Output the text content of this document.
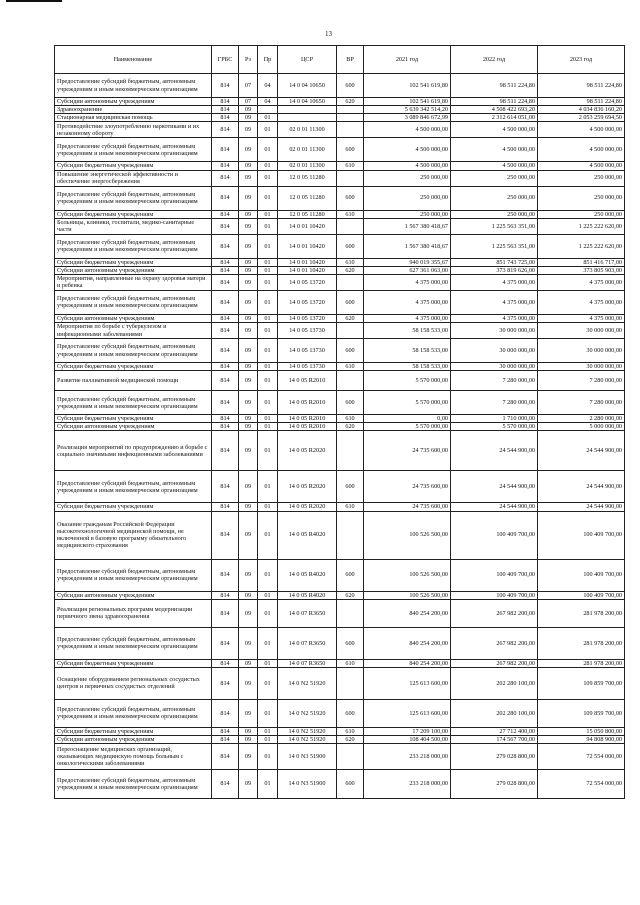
13
Наименование	ГРБС	Рз	Пр	ЦСР	ВР	2021 год	2022 год	2023 год
Предоставление субсидий бюджетным, автономным учреждениям и иным некоммерческим организациям	814	07	04	14 0 04 10650	600	102 541 619,80	98 511 224,80	98 511 224,80
Субсидии автономным учреждениям	814	07	04	14 0 04 10650	620	102 541 619,80	98 511 224,80	98 511 224,80
Здравоохранение	814	09				5 639 342 514,20	4 508 422 693,20	4 034 836 160,20
Стационарная медицинская помощь	814	09	01			3 089 846 672,99	2 312 614 051,00	2 053 259 694,50
Противодействие злоупотреблению наркотиками и их незаконному обороту	814	09	01	02 0 01 11300		4 500 000,00	4 500 000,00	4 500 000,00
Предоставление субсидий бюджетным, автономным учреждениям и иным некоммерческим организациям	814	09	01	02 0 01 11300	600	4 500 000,00	4 500 000,00	4 500 000,00
Субсидии бюджетным учреждениям	814	09	01	02 0 01 11300	610	4 500 000,00	4 500 000,00	4 500 000,00
Повышение энергетической эффективности и обеспечение энергосбережения	814	09	01	12 0 05 11280		250 000,00	250 000,00	250 000,00
Предоставление субсидий бюджетным, автономным учреждениям и иным некоммерческим организациям	814	09	01	12 0 05 11280	600	250 000,00	250 000,00	250 000,00
Субсидии бюджетным учреждениям	814	09	01	12 0 05 11280	610	250 000,00	250 000,00	250 000,00
Больницы, клиники, госпитали, медико-санитарные части	814	09	01	14 0 01 10420		1 567 380 418,67	1 225 563 351,00	1 225 222 620,00
Предоставление субсидий бюджетным, автономным учреждениям и иным некоммерческим организациям	814	09	01	14 0 01 10420	600	1 567 380 418,67	1 225 563 351,00	1 225 222 620,00
Субсидии бюджетным учреждениям	814	09	01	14 0 01 10420	610	940 019 355,67	851 743 725,00	851 416 717,00
Субсидии автономным учреждениям	814	09	01	14 0 01 10420	620	627 361 063,00	373 819 626,00	373 805 903,00
Мероприятия, направленные на охрану здоровья матери и ребенка	814	09	01	14 0 05 13720		4 375 000,00	4 375 000,00	4 375 000,00
Предоставление субсидий бюджетным, автономным учреждениям и иным некоммерческим организациям	814	09	01	14 0 05 13720	600	4 375 000,00	4 375 000,00	4 375 000,00
Субсидии автономным учреждениям	814	09	01	14 0 05 13720	620	4 375 000,00	4 375 000,00	4 375 000,00
Мероприятия по борьбе с туберкулезом и инфекционными заболеваниями	814	09	01	14 0 05 13730		58 158 533,00	30 000 000,00	30 000 000,00
Предоставление субсидий бюджетным, автономным учреждениям и иным некоммерческим организациям	814	09	01	14 0 05 13730	600	58 158 533,00	30 000 000,00	30 000 000,00
Субсидии бюджетным учреждениям	814	09	01	14 0 05 13730	610	58 158 533,00	30 000 000,00	30 000 000,00
Развитие паллиативной медицинской помощи	814	09	01	14 0 05 R2010		5 570 000,00	7 280 000,00	7 280 000,00
Предоставление субсидий бюджетным, автономным учреждениям и иным некоммерческим организациям	814	09	01	14 0 05 R2010	600	5 570 000,00	7 280 000,00	7 280 000,00
Субсидии бюджетным учреждениям	814	09	01	14 0 05 R2010	610	0,00	1 710 000,00	2 280 000,00
Субсидии автономным учреждениям	814	09	01	14 0 05 R2010	620	5 570 000,00	5 570 000,00	5 000 000,00
Реализация мероприятий по предупреждению и борьбе с социально значимыми инфекционными заболеваниями	814	09	01	14 0 05 R2020		24 735 600,00	24 544 900,00	24 544 900,00
Предоставление субсидий бюджетным, автономным учреждениям и иным некоммерческим организациям	814	09	01	14 0 05 R2020	600	24 735 600,00	24 544 900,00	24 544 900,00
Субсидии бюджетным учреждениям	814	09	01	14 0 05 R2020	610	24 735 600,00	24 544 900,00	24 544 900,00
Оказание гражданам Российской Федерации высокотехнологичной медицинской помощи, не включенной в базовую программу обязательного медицинского страхования	814	09	01	14 0 05 R4020		100 526 500,00	100 409 700,00	100 409 700,00
Предоставление субсидий бюджетным, автономным учреждениям и иным некоммерческим организациям	814	09	01	14 0 05 R4020	600	100 526 500,00	100 409 700,00	100 409 700,00
Субсидии автономным учреждениям	814	09	01	14 0 05 R4020	620	100 526 500,00	100 409 700,00	100 409 700,00
Реализация региональных программ модернизации первичного звена здравоохранения	814	09	01	14 0 07 R3650		840 254 200,00	267 982 200,00	281 978 200,00
Предоставление субсидий бюджетным, автономным учреждениям и иным некоммерческим организациям	814	09	01	14 0 07 R3650	600	840 254 200,00	267 982 200,00	281 978 200,00
Субсидии бюджетным учреждениям	814	09	01	14 0 07 R3650	610	840 254 200,00	267 982 200,00	281 978 200,00
Оснащение оборудованием региональных сосудистых центров и первичных сосудистых отделений	814	09	01	14 0 N2 51920		125 613 600,00	202 280 100,00	109 859 700,00
Предоставление субсидий бюджетным, автономным учреждениям и иным некоммерческим организациям	814	09	01	14 0 N2 51920	600	125 613 600,00	202 280 100,00	109 859 700,00
Субсидии бюджетным учреждениям	814	09	01	14 0 N2 51920	610	17 209 100,00	27 712 400,00	15 050 800,00
Субсидии автономным учреждениям	814	09	01	14 0 N2 51920	620	108 404 500,00	174 567 700,00	94 808 900,00
Переоснащение медицинских организаций, оказывающих медицинскую помощь больным с онкологическими заболеваниями	814	09	01	14 0 N3 51900		233 218 000,00	279 028 800,00	72 554 000,00
Предоставление субсидий бюджетным, автономным учреждениям и иным некоммерческим организациям	814	09	01	14 0 N3 51900	600	233 218 000,00	279 028 800,00	72 554 000,00
